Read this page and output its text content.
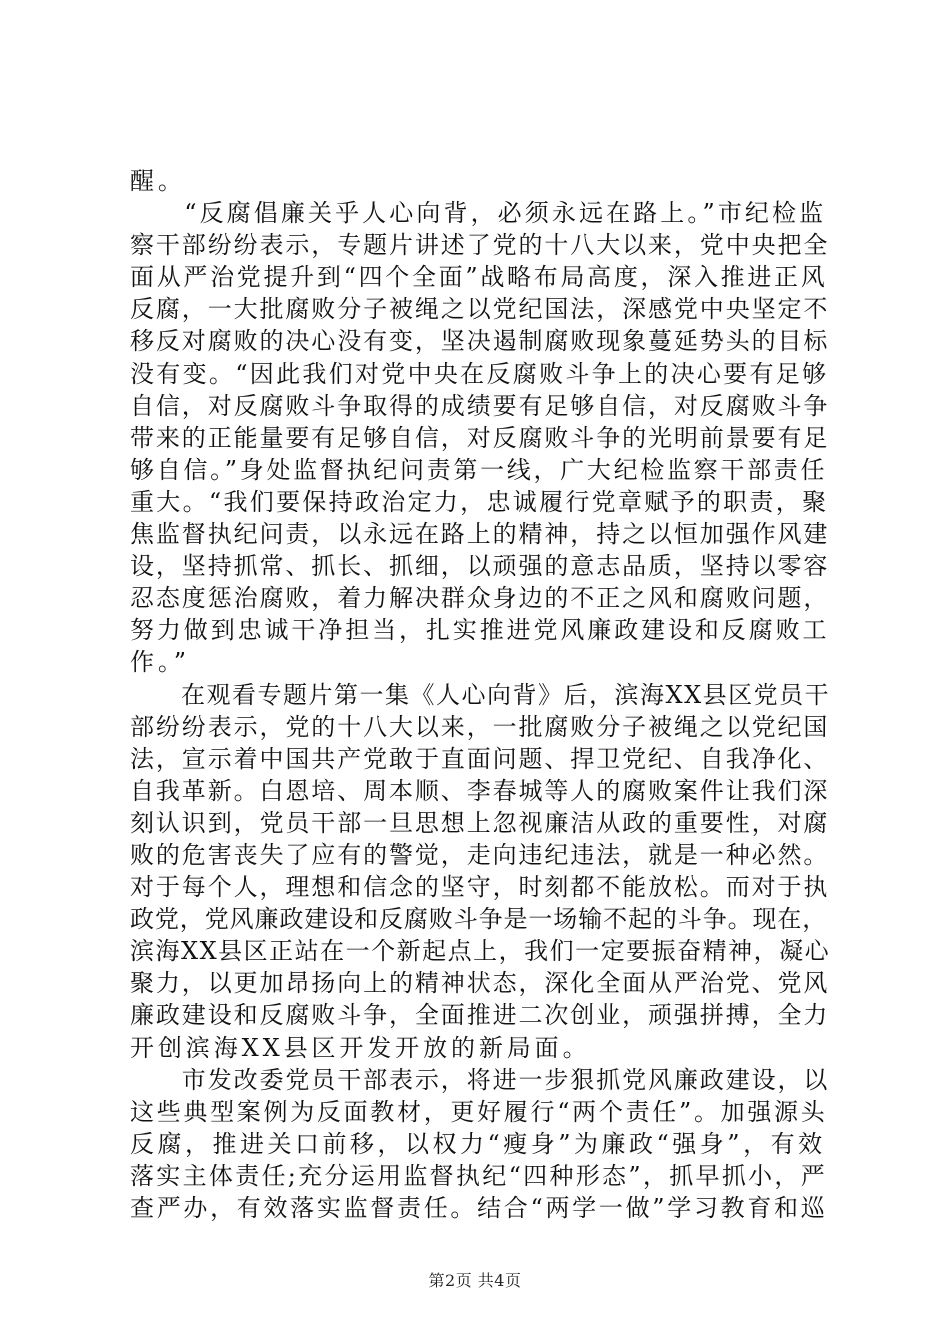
醒。
　　“反腐倡廉关乎人心向背，必须永远在路上。”市纪检监
察干部纷纷表示，专题片讲述了党的十八大以来，党中央把全
面从严治党提升到“四个全面”战略布局高度，深入推进正风
反腐，一大批腐败分子被绳之以党纪国法，深感党中央坚定不
移反对腐败的决心没有变，坚决遏制腐败现象蔓延势头的目标
没有变。“因此我们对党中央在反腐败斗争上的决心要有足够
自信，对反腐败斗争取得的成绩要有足够自信，对反腐败斗争
带来的正能量要有足够自信，对反腐败斗争的光明前景要有足
够自信。”身处监督执纪问责第一线，广大纪检监察干部责任
重大。“我们要保持政治定力，忠诚履行党章赋予的职责，聚
焦监督执纪问责，以永远在路上的精神，持之以恒加强作风建
设，坚持抓常、抓长、抓细，以顽强的意志品质，坚持以零容
忍态度惩治腐败，着力解决群众身边的不正之风和腐败问题，
努力做到忠诚干净担当，扎实推进党风廉政建设和反腐败工
作。”
　　在观看专题片第一集《人心向背》后，滨海XX县区党员干
部纷纷表示，党的十八大以来，一批腐败分子被绳之以党纪国
法，宣示着中国共产党敢于直面问题、捍卫党纪、自我净化、
自我革新。白恩培、周本顺、李春城等人的腐败案件让我们深
刻认识到，党员干部一旦思想上忽视廉洁从政的重要性，对腐
败的危害丧失了应有的警觉，走向违纪违法，就是一种必然。
对于每个人，理想和信念的坚守，时刻都不能放松。而对于执
政党，党风廉政建设和反腐败斗争是一场输不起的斗争。现在，
滨海XX县区正站在一个新起点上，我们一定要振奋精神，凝心
聚力，以更加昂扬向上的精神状态，深化全面从严治党、党风
廉政建设和反腐败斗争，全面推进二次创业，顽强拼搏，全力
开创滨海XX县区开发开放的新局面。
　　市发改委党员干部表示，将进一步狠抓党风廉政建设，以
这些典型案例为反面教材，更好履行“两个责任”。加强源头
反腐，推进关口前移，以权力“瘦身”为廉政“强身”，有效
落实主体责任;充分运用监督执纪“四种形态”，抓早抓小，严
查严办，有效落实监督责任。结合“两学一做”学习教育和巡
第2页 共4页
